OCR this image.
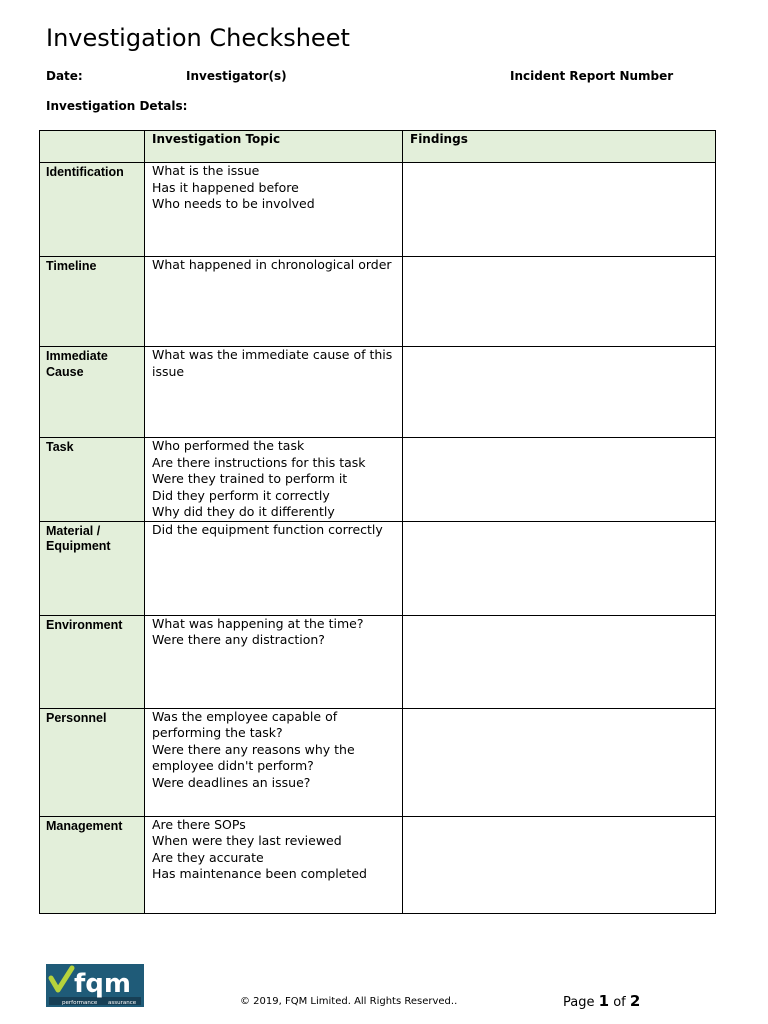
Investigation Checksheet
Date:	Investigator(s)	Incident Report Number
Investigation Detals:

	Investigation Topic	Findings

Identification	What is the issue
Has it happened before
Who needs to be involved	

Timeline	What happened in chronological order	

Immediate Cause	What was the immediate cause of this issue	

Task	Who performed the task
Are there instructions for this task
Were they trained to perform it
Did they perform it correctly
Why did they do it differently	

Material / Equipment	Did the equipment function correctly	

Environment	What was happening at the time?
Were there any distraction?	

Personnel	Was the employee capable of performing the task?
Were there any reasons why the employee didn't perform?
Were deadlines an issue?	

Management	Are there SOPs
When were they last reviewed
Are they accurate
Has maintenance been completed	

fqm
performance assurance	© 2019, FQM Limited. All Rights Reserved..	Page 1 of 2
